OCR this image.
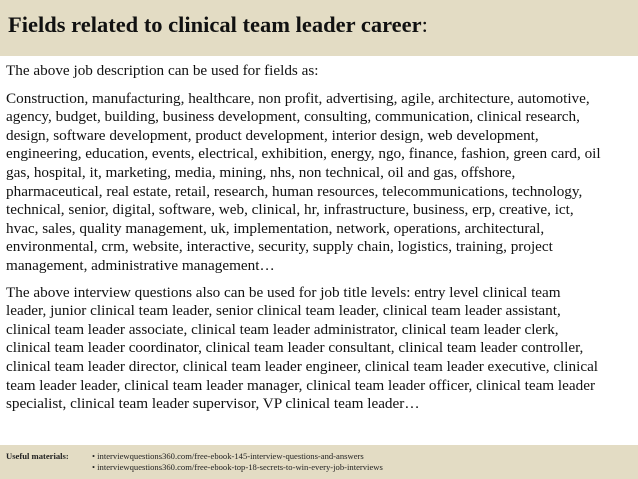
Fields related to clinical team leader career:

The above job description can be used for fields as:

Construction, manufacturing, healthcare, non profit, advertising, agile, architecture, automotive,
agency, budget, building, business development, consulting, communication, clinical research,
design, software development, product development, interior design, web development,
engineering, education, events, electrical, exhibition, energy, ngo, finance, fashion, green card, oil
gas, hospital, it, marketing, media, mining, nhs, non technical, oil and gas, offshore,
pharmaceutical, real estate, retail, research, human resources, telecommunications, technology,
technical, senior, digital, software, web, clinical, hr, infrastructure, business, erp, creative, ict,
hvac, sales, quality management, uk, implementation, network, operations, architectural,
environmental, crm, website, interactive, security, supply chain, logistics, training, project
management, administrative management…
The above interview questions also can be used for job title levels: entry level clinical team
leader, junior clinical team leader, senior clinical team leader, clinical team leader assistant,
clinical team leader associate, clinical team leader administrator, clinical team leader clerk,
clinical team leader coordinator, clinical team leader consultant, clinical team leader controller,
clinical team leader director, clinical team leader engineer, clinical team leader executive, clinical
team leader leader, clinical team leader manager, clinical team leader officer, clinical team leader
specialist, clinical team leader supervisor, VP clinical team leader…
Useful materials:	• interviewquestions360.com/free-ebook-145-interview-questions-and-answers
• interviewquestions360.com/free-ebook-top-18-secrets-to-win-every-job-interviews
